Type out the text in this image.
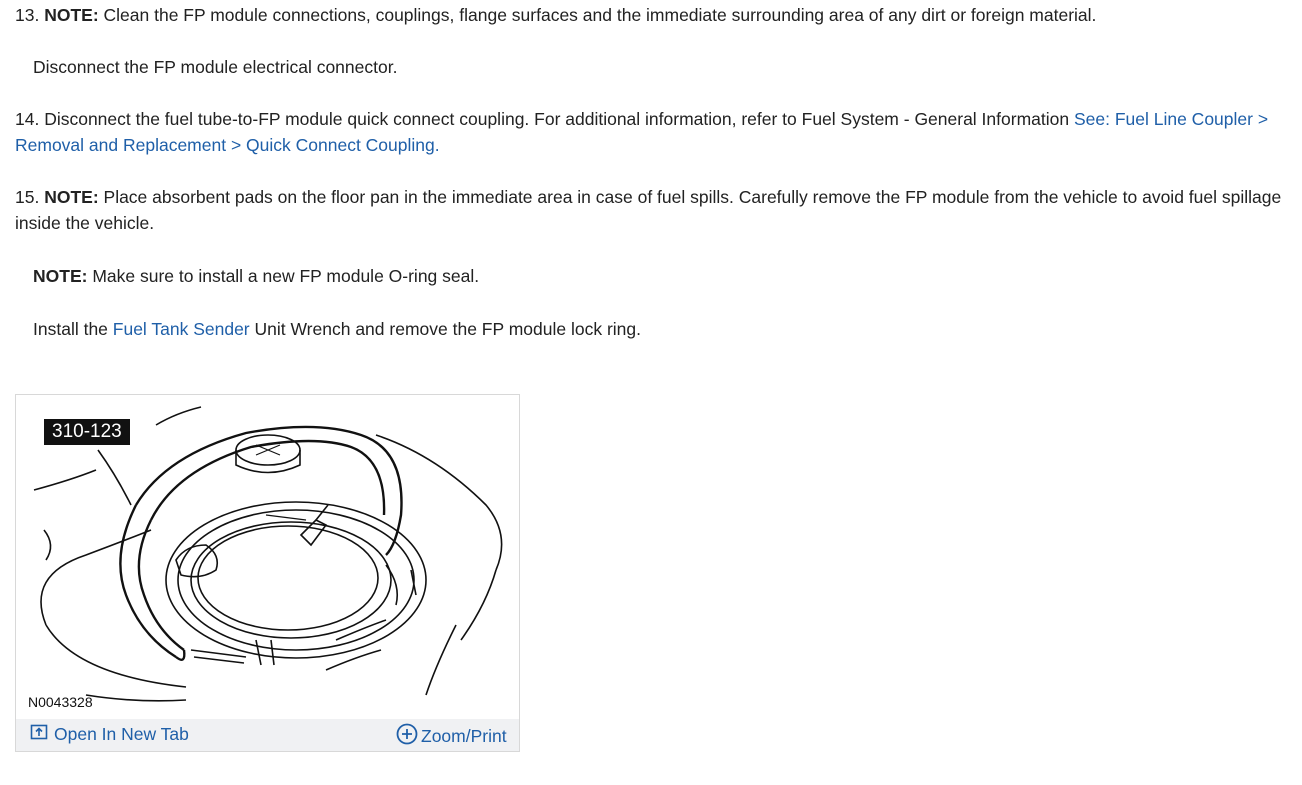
13. NOTE: Clean the FP module connections, couplings, flange surfaces and the immediate surrounding area of any dirt or foreign material.

Disconnect the FP module electrical connector.

14. Disconnect the fuel tube-to-FP module quick connect coupling. For additional information, refer to Fuel System - General Information See: Fuel Line Coupler >
Removal and Replacement > Quick Connect Coupling.

15. NOTE: Place absorbent pads on the floor pan in the immediate area in case of fuel spills. Carefully remove the FP module from the vehicle to avoid fuel spillage
inside the vehicle.

NOTE: Make sure to install a new FP module O-ring seal.

Install the Fuel Tank Sender Unit Wrench and remove the FP module lock ring.

310-123
N0043328
Open In New Tab	Zoom/Print
